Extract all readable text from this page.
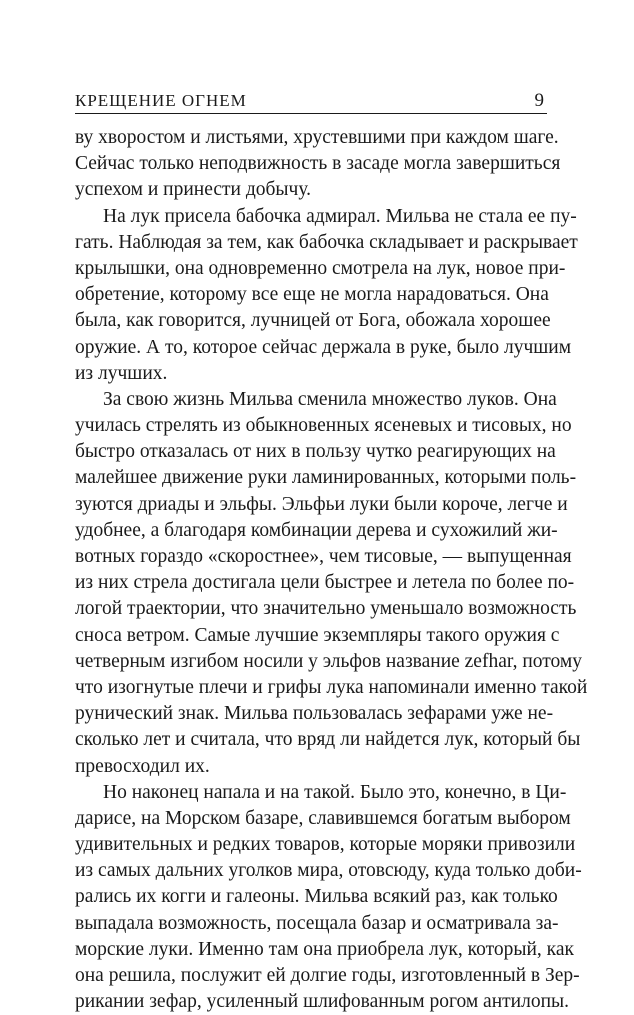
КРЕЩЕНИЕ ОГНЕМ	9
ву хворостом и листьями, хрустевшими при каждом шаге.
Сейчас только неподвижность в засаде могла завершиться
успехом и принести добычу.
На лук присела бабочка адмирал. Мильва не стала ее пу-
гать. Наблюдая за тем, как бабочка складывает и раскрывает
крылышки, она одновременно смотрела на лук, новое при-
обретение, которому все еще не могла нарадоваться. Она
была, как говорится, лучницей от Бога, обожала хорошее
оружие. А то, которое сейчас держала в руке, было лучшим
из лучших.
За свою жизнь Мильва сменила множество луков. Она
училась стрелять из обыкновенных ясеневых и тисовых, но
быстро отказалась от них в пользу чутко реагирующих на
малейшее движение руки ламинированных, которыми поль-
зуются дриады и эльфы. Эльфьи луки были короче, легче и
удобнее, а благодаря комбинации дерева и сухожилий жи-
вотных гораздо «скоростнее», чем тисовые, — выпущенная
из них стрела достигала цели быстрее и летела по более по-
логой траектории, что значительно уменьшало возможность
сноса ветром. Самые лучшие экземпляры такого оружия с
четверным изгибом носили у эльфов название zefhar, потому
что изогнутые плечи и грифы лука напоминали именно такой
рунический знак. Мильва пользовалась зефарами уже не-
сколько лет и считала, что вряд ли найдется лук, который бы
превосходил их.
Но наконец напала и на такой. Было это, конечно, в Ци-
дарисе, на Морском базаре, славившемся богатым выбором
удивительных и редких товаров, которые моряки привозили
из самых дальних уголков мира, отовсюду, куда только доби-
рались их когги и галеоны. Мильва всякий раз, как только
выпадала возможность, посещала базар и осматривала за-
морские луки. Именно там она приобрела лук, который, как
она решила, послужит ей долгие годы, изготовленный в Зер-
рикании зефар, усиленный шлифованным рогом антилопы.
